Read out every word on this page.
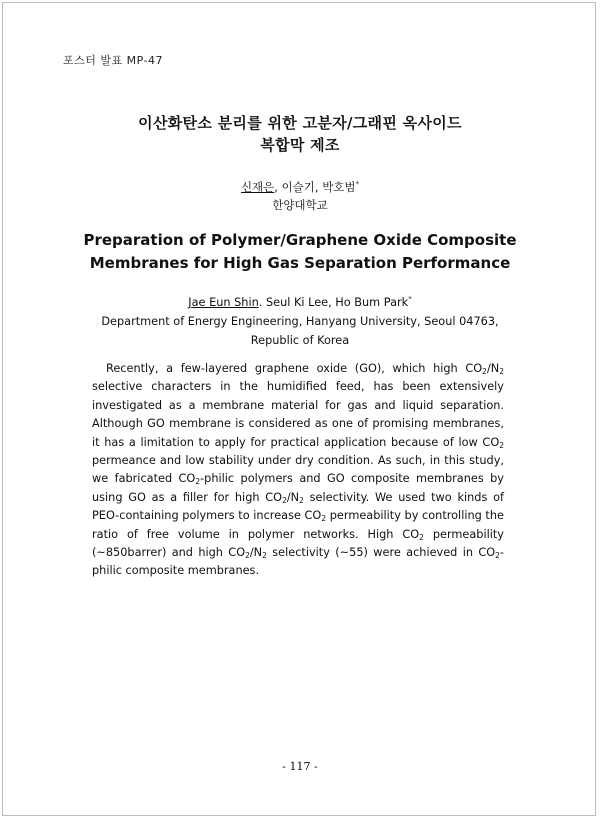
포스터 발표 MP-47
이산화탄소 분리를 위한 고분자/그래핀 옥사이드
복합막 제조
신재은, 이슬기, 박호범*
한양대학교
Preparation of Polymer/Graphene Oxide Composite
Membranes for High Gas Separation Performance
Jae Eun Shin. Seul Ki Lee, Ho Bum Park*
Department of Energy Engineering, Hanyang University, Seoul 04763,
Republic of Korea
Recently, a few-layered graphene oxide (GO), which high $CO_2/N_2$ selective characters in the humidified feed, has been extensively investigated as a membrane material for gas and liquid separation. Although GO membrane is considered as one of promising membranes, it has a limitation to apply for practical application because of low $CO_2$ permeance and low stability under dry condition. As such, in this study, we fabricated $CO_2$-philic polymers and GO composite membranes by using GO as a filler for high $CO_2/N_2$ selectivity. We used two kinds of PEO-containing polymers to increase $CO_2$ permeability by controlling the ratio of free volume in polymer networks. High $CO_2$ permeability (~850barrer) and high $CO_2/N_2$ selectivity (~55) were achieved in $CO_2$-philic composite membranes.
- 117 -
